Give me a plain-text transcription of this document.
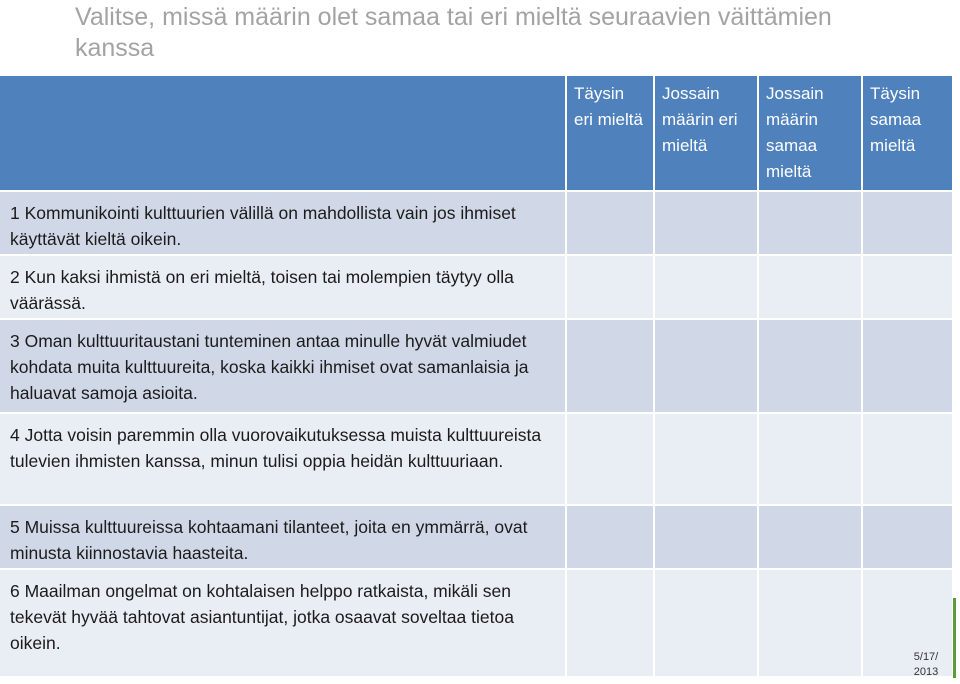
Valitse, missä määrin olet samaa tai eri mieltä seuraavien väittämien kanssa
	Täysin eri mieltä	Jossain määrin eri mieltä	Jossain määrin samaa mieltä	Täysin samaa mieltä
1 Kommunikointi kulttuurien välillä on mahdollista vain jos ihmiset käyttävät kieltä oikein.				
2 Kun kaksi ihmistä on eri mieltä, toisen tai molempien täytyy olla väärässä.				
3 Oman kulttuuritaustani tunteminen antaa minulle hyvät valmiudet kohdata muita kulttuureita, koska kaikki ihmiset ovat samanlaisia ja haluavat samoja asioita.				
4 Jotta voisin paremmin olla vuorovaikutuksessa muista kulttuureista tulevien ihmisten kanssa, minun tulisi oppia heidän kulttuuriaan.				
5 Muissa kulttuureissa kohtaamani tilanteet, joita en ymmärrä, ovat minusta kiinnostavia haasteita.				
6 Maailman ongelmat on kohtalaisen helppo ratkaista, mikäli sen tekevät hyvää tahtovat asiantuntijat, jotka osaavat soveltaa tietoa oikein.				
5/17/ 2013
